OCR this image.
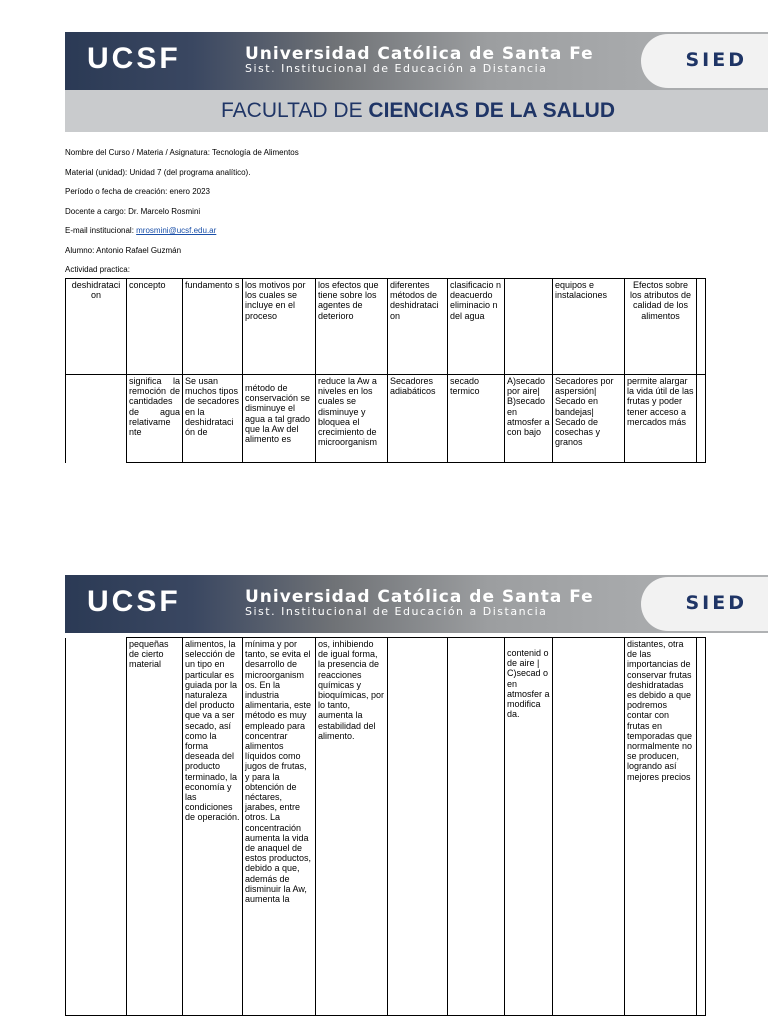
UCSF	Universidad Católica de Santa Fe
Sist. Institucional de Educación a Distancia	SIED
FACULTAD DE
CIENCIAS DE LA SALUD
Nombre del Curso / Materia / Asignatura: Tecnología de Alimentos
Material (unidad): Unidad 7 (del programa analítico).
Período o fecha de creación: enero 2023
Docente a cargo: Dr. Marcelo Rosmini
E-mail institucional: mrosmini@ucsf.edu.ar
Alumno: Antonio Rafael Guzmán
Actividad practica:
deshidrataci on	concepto	fundamento s	los motivos por los cuales se incluye en el proceso	los efectos que tiene sobre los agentes de deterioro	diferentes métodos de deshidrataci on	clasificacio n deacuerdo eliminacio n del agua		equipos e instalaciones	Efectos sobre los atributos de calidad de los alimentos	
	significa la remoción de cantidades de agua relativame nte	Se usan muchos tipos de secadores en la deshidrataci ón de	método de conservación se disminuye el agua a tal grado que la Aw del alimento es	reduce la Aw a niveles en los cuales se disminuye y bloquea el crecimiento de microorganism	Secadores adiabáticos	secado termico	A)secado por aire| B)secado en atmosfer a con bajo	Secadores por aspersión| Secado en bandejas| Secado de cosechas y granos	permite alargar la vida útil de las frutas y poder tener acceso a mercados más	
UCSF	Universidad Católica de Santa Fe
Sist. Institucional de Educación a Distancia	SIED
	pequeñas de cierto material	alimentos, la selección de un tipo en particular es guiada por la naturaleza del producto que va a ser secado, así como la forma deseada del producto terminado, la economía y las condiciones de operación.	mínima y por tanto, se evita el desarrollo de microorganism os. En la industria alimentaria, este método es muy empleado para concentrar alimentos líquidos como jugos de frutas, y para la obtención de néctares, jarabes, entre otros. La concentración aumenta la vida de anaquel de estos productos, debido a que, además de disminuir la Aw, aumenta la	os, inhibiendo de igual forma, la presencia de reacciones químicas y bioquímicas, por lo tanto, aumenta la estabilidad del alimento.			contenid o de aire | C)secad o en atmosfer a modifica da.		distantes, otra de las importancias de conservar frutas deshidratadas es debido a que podremos contar con frutas en temporadas que normalmente no se producen, logrando así mejores precios	
